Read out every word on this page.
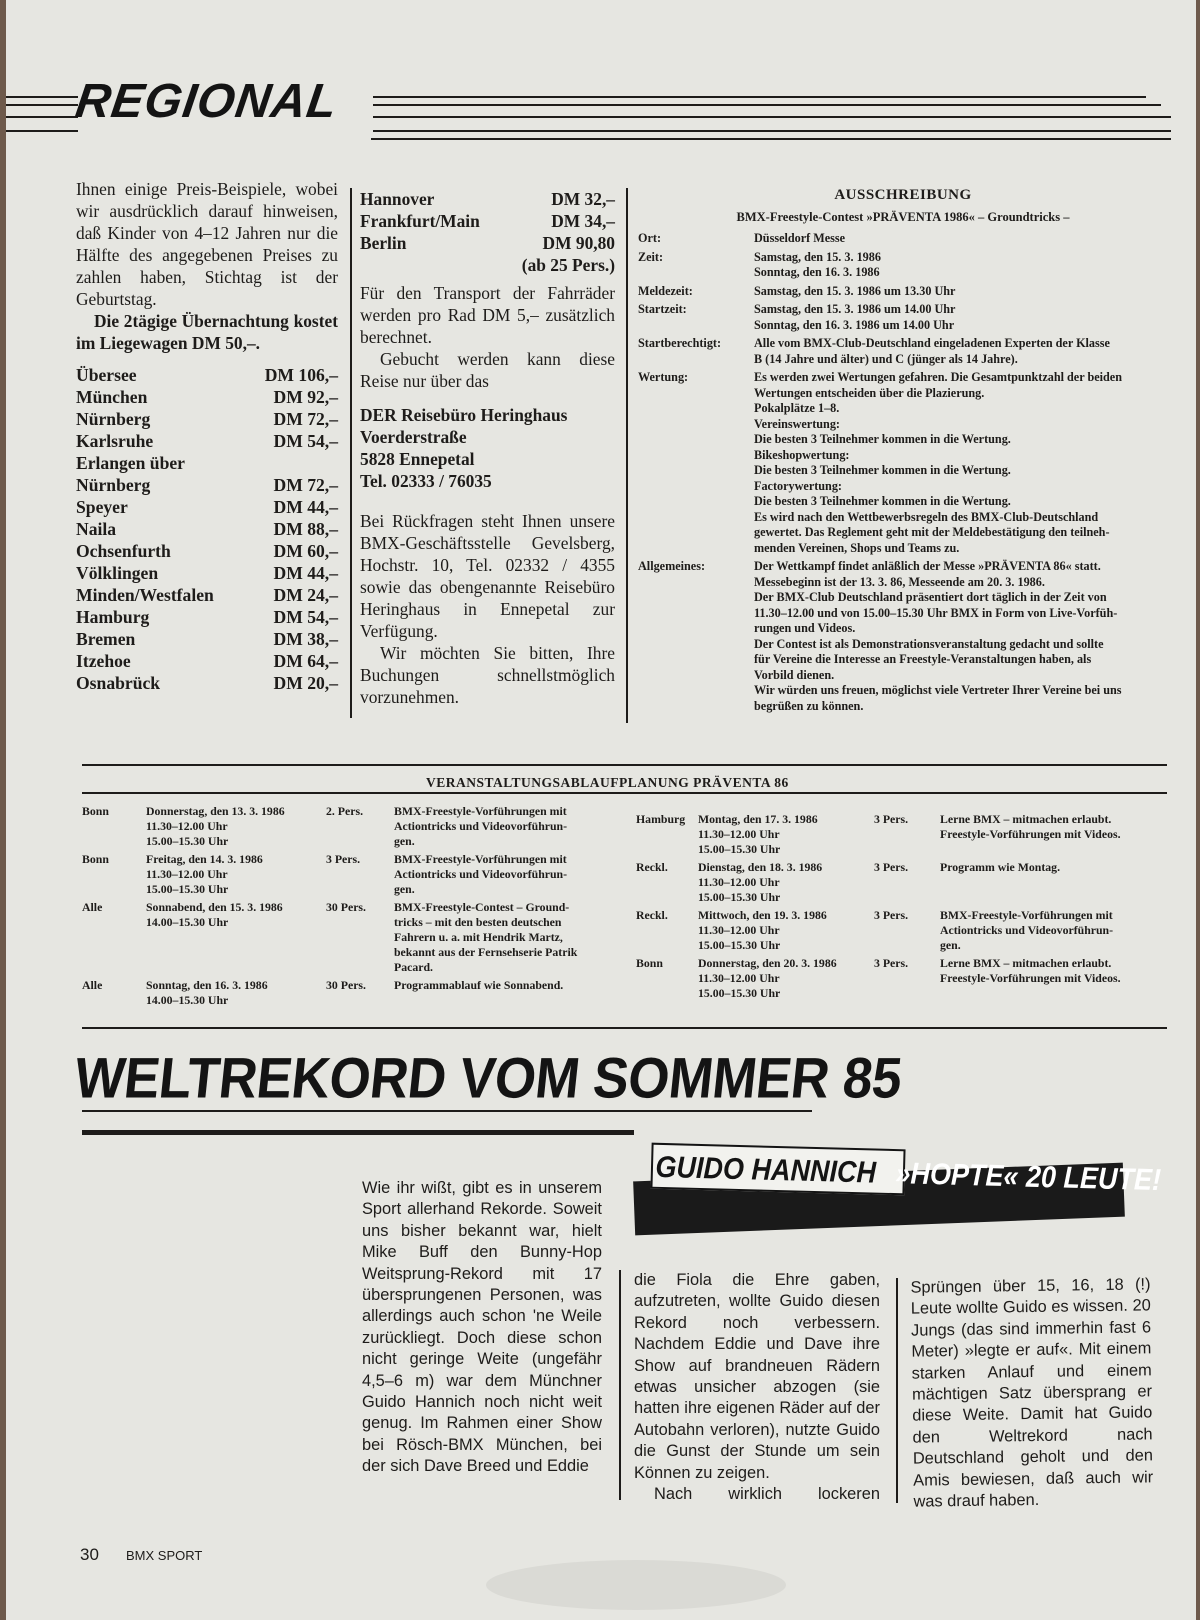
REGIONAL

Ihnen einige Preis-Beispiele, wobei wir ausdrücklich darauf hinweisen, daß Kinder von 4–12 Jahren nur die Hälfte des angegebenen Preises zu zahlen haben, Stichtag ist der Geburtstag.

Die 2tägige Übernachtung kostet im Liegewagen DM 50,–.

Übersee	DM 106,–
München	DM 92,–
Nürnberg	DM 72,–
Karlsruhe	DM 54,–
Erlangen über
Nürnberg	DM 72,–
Speyer	DM 44,–
Naila	DM 88,–
Ochsenfurth	DM 60,–
Völklingen	DM 44,–
Minden/Westfalen	DM 24,–
Hamburg	DM 54,–
Bremen	DM 38,–
Itzehoe	DM 64,–
Osnabrück	DM 20,–
Hannover	DM 32,–
Frankfurt/Main	DM 34,–
Berlin	DM 90,80
(ab 25 Pers.)

Für den Transport der Fahrräder werden pro Rad DM 5,– zusätzlich berechnet.

Gebucht werden kann diese Reise nur über das

DER Reisebüro Heringhaus
Voerderstraße
5828 Ennepetal
Tel. 02333 / 76035

Bei Rückfragen steht Ihnen unsere BMX-Geschäftsstelle Gevelsberg, Hochstr. 10, Tel. 02332 / 4355 sowie das obengenannte Reisebüro Heringhaus in Ennepetal zur Verfügung.

Wir möchten Sie bitten, Ihre Buchungen schnellstmöglich vorzunehmen.

AUSSCHREIBUNG
BMX-Freestyle-Contest »PRÄVENTA 1986« – Groundtricks –
Ort:	Düsseldorf Messe
Zeit:	Samstag, den 15. 3. 1986
Sonntag, den 16. 3. 1986
Meldezeit:	Samstag, den 15. 3. 1986 um 13.30 Uhr
Startzeit:	Samstag, den 15. 3. 1986 um 14.00 Uhr
Sonntag, den 16. 3. 1986 um 14.00 Uhr
Startberechtigt:	Alle vom BMX-Club-Deutschland eingeladenen Experten der Klasse
B (14 Jahre und älter) und C (jünger als 14 Jahre).
Wertung:	Es werden zwei Wertungen gefahren. Die Gesamtpunktzahl der beiden
Wertungen entscheiden über die Plazierung.
Pokalplätze 1–8.
Vereinswertung:
Die besten 3 Teilnehmer kommen in die Wertung.
Bikeshopwertung:
Die besten 3 Teilnehmer kommen in die Wertung.
Factorywertung:
Die besten 3 Teilnehmer kommen in die Wertung.
Es wird nach den Wettbewerbsregeln des BMX-Club-Deutschland
gewertet. Das Reglement geht mit der Meldebestätigung den teilneh-
menden Vereinen, Shops und Teams zu.
Allgemeines:	Der Wettkampf findet anläßlich der Messe »PRÄVENTA 86« statt.
Messebeginn ist der 13. 3. 86, Messeende am 20. 3. 1986.
Der BMX-Club Deutschland präsentiert dort täglich in der Zeit von
11.30–12.00 und von 15.00–15.30 Uhr BMX in Form von Live-Vorfüh-
rungen und Videos.
Der Contest ist als Demonstrationsveranstaltung gedacht und sollte
für Vereine die Interesse an Freestyle-Veranstaltungen haben, als
Vorbild dienen.
Wir würden uns freuen, möglichst viele Vertreter Ihrer Vereine bei uns
begrüßen zu können.
VERANSTALTUNGSABLAUFPLANUNG PRÄVENTA 86
Bonn	Donnerstag, den 13. 3. 1986
11.30–12.00 Uhr
15.00–15.30 Uhr
2. Pers.	BMX-Freestyle-Vorführungen mit
Actiontricks und Videovorführun-
gen.
Bonn	Freitag, den 14. 3. 1986
11.30–12.00 Uhr
15.00–15.30 Uhr
3 Pers.	BMX-Freestyle-Vorführungen mit
Actiontricks und Videovorführun-
gen.
Alle	Sonnabend, den 15. 3. 1986
14.00–15.30 Uhr
30 Pers. BMX-Freestyle-Contest – Ground-
tricks – mit den besten deutschen
Fahrern u. a. mit Hendrik Martz,
bekannt aus der Fernsehserie Patrik
Pacard.
Alle	Sonntag, den 16. 3. 1986
14.00–15.30 Uhr
30 Pers. Programmablauf wie Sonnabend.
Hamburg Montag, den 17. 3. 1986
11.30–12.00 Uhr
15.00–15.30 Uhr
3 Pers.	Lerne BMX – mitmachen erlaubt.
Freestyle-Vorführungen mit Videos.
Reckl.	Dienstag, den 18. 3. 1986
11.30–12.00 Uhr
15.00–15.30 Uhr
3 Pers.	Programm wie Montag.
Reckl.	Mittwoch, den 19. 3. 1986
11.30–12.00 Uhr
15.00–15.30 Uhr
3 Pers.	BMX-Freestyle-Vorführungen mit
Actiontricks und Videovorführun-
gen.
Bonn	Donnerstag, den 20. 3. 1986
11.30–12.00 Uhr
15.00–15.30 Uhr
3 Pers.	Lerne BMX – mitmachen erlaubt.
Freestyle-Vorführungen mit Videos.
WELTREKORD VOM SOMMER 85
GUIDO HANNICH »HOPTE« 20 LEUTE!

Wie ihr wißt, gibt es in unserem Sport allerhand Rekorde. Soweit uns bisher bekannt war, hielt Mike Buff den Bunny-Hop Weitsprung-Rekord mit 17 übersprungenen Personen, was allerdings auch schon 'ne Weile zurückliegt. Doch diese schon nicht geringe Weite (ungefähr 4,5–6 m) war dem Münchner Guido Hannich noch nicht weit genug. Im Rahmen einer Show bei Rösch-BMX München, bei der sich Dave Breed und Eddie

die Fiola die Ehre gaben, aufzutreten, wollte Guido diesen Rekord noch verbessern. Nachdem Eddie und Dave ihre Show auf brandneuen Rädern etwas unsicher abzogen (sie hatten ihre eigenen Räder auf der Autobahn verloren), nutzte Guido die Gunst der Stunde um sein Können zu zeigen.

Nach wirklich lockeren

Sprüngen über 15, 16, 18 (!) Leute wollte Guido es wissen. 20 Jungs (das sind immerhin fast 6 Meter) »legte er auf«. Mit einem starken Anlauf und einem mächtigen Satz übersprang er diese Weite. Damit hat Guido den Weltrekord nach Deutschland geholt und den Amis bewiesen, daß auch wir was drauf haben.

30 BMX SPORT
